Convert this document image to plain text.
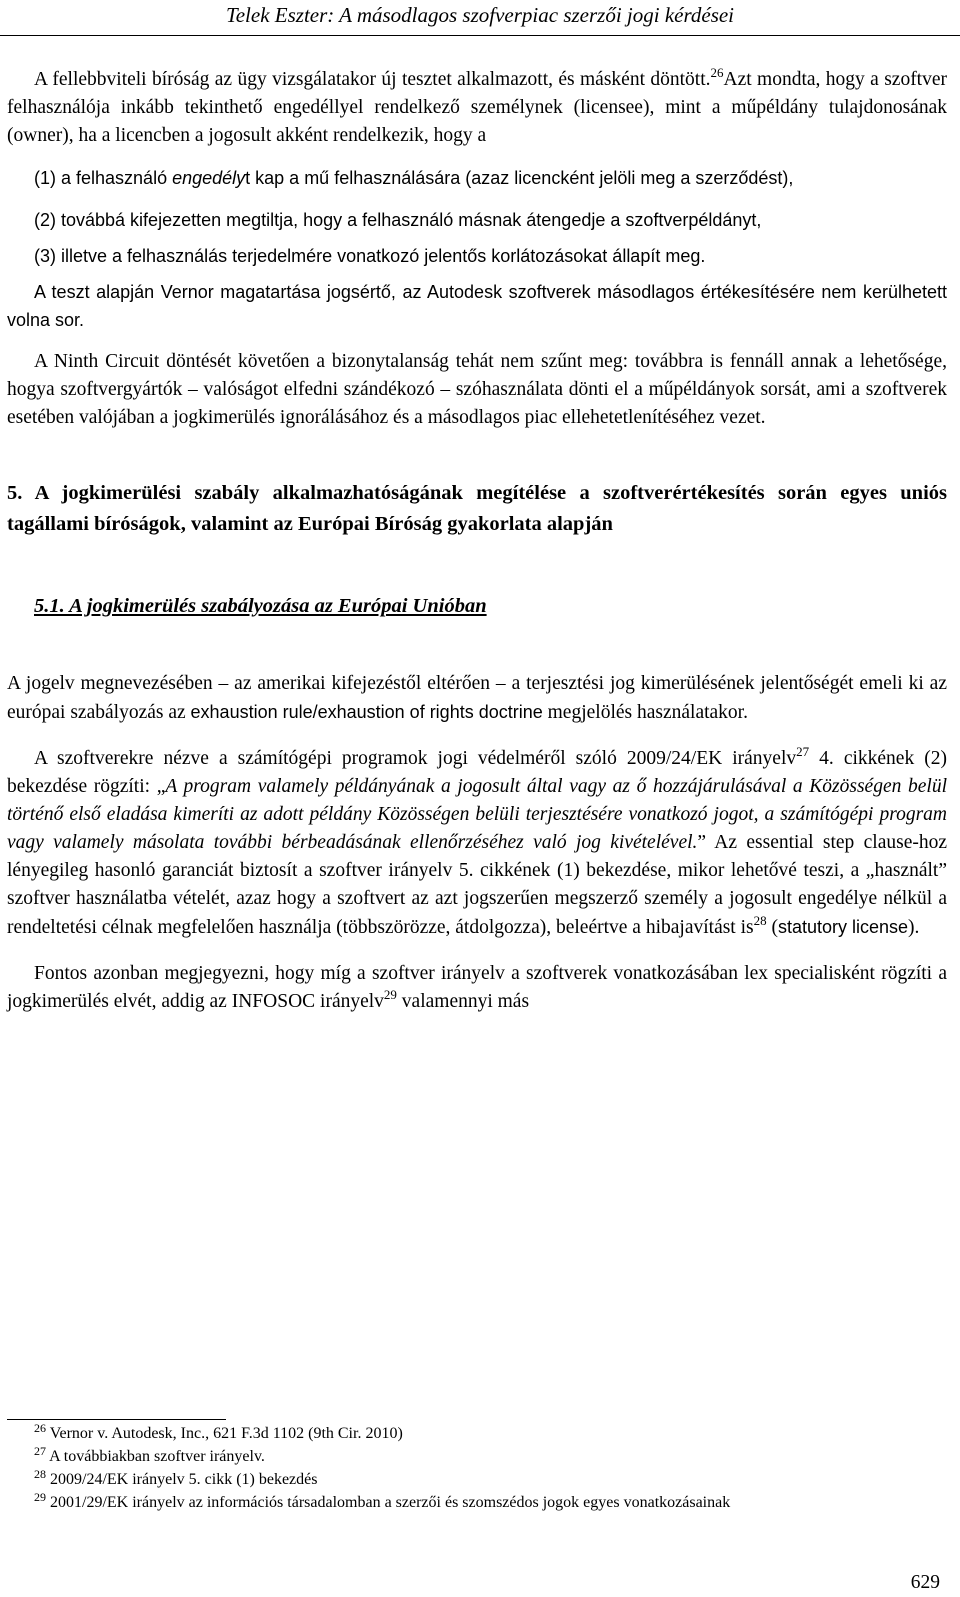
Telek Eszter: A másodlagos szofverpiac szerzői jogi kérdései

A fellebbviteli bíróság az ügy vizsgálatakor új tesztet alkalmazott, és másként döntött.$^{26}$Azt mondta, hogy a szoftver felhasználója inkább tekinthető engedéllyel rendelkező személynek (licensee), mint a műpéldány tulajdonosának (owner), ha a licencben a jogosult akként rendelkezik, hogy a

(1) a felhasználó engedélyt kap a mű felhasználására (azaz licencként jelöli meg a szerződést),

(2) továbbá kifejezetten megtiltja, hogy a felhasználó másnak átengedje a szoftverpéldányt,

(3) illetve a felhasználás terjedelmére vonatkozó jelentős korlátozásokat állapít meg.

A teszt alapján Vernor magatartása jogsértő, az Autodesk szoftverek másodlagos értékesítésére nem kerülhetett volna sor.

A Ninth Circuit döntését követően a bizonytalanság tehát nem szűnt meg: továbbra is fennáll annak a lehetősége, hogya szoftvergyártók – valóságot elfedni szándékozó – szóhasználata dönti el a műpéldányok sorsát, ami a szoftverek esetében valójában a jogkimerülés ignorálásához és a másodlagos piac ellehetetlenítéséhez vezet.

5. A jogkimerülési szabály alkalmazhatóságának megítélése a szoftverértékesítés során egyes uniós tagállami bíróságok, valamint az Európai Bíróság gyakorlata alapján

5.1. A jogkimerülés szabályozása az Európai Unióban

A jogelv megnevezésében – az amerikai kifejezéstől eltérően – a terjesztési jog kimerülésének jelentőségét emeli ki az európai szabályozás az exhaustion rule/exhaustion of rights doctrine megjelölés használatakor.

A szoftverekre nézve a számítógépi programok jogi védelméről szóló 2009/24/EK irányelv$^{27}$ 4. cikkének (2) bekezdése rögzíti: „A program valamely példányának a jogosult által vagy az ő hozzájárulásával a Közösségen belül történő első eladása kimeríti az adott példány Közösségen belüli terjesztésére vonatkozó jogot, a számítógépi program vagy valamely másolata további bérbeadásának ellenőrzéséhez való jog kivételével.” Az essential step clause-hoz lényegileg hasonló garanciát biztosít a szoftver irányelv 5. cikkének (1) bekezdése, mikor lehetővé teszi, a „használt” szoftver használatba vételét, azaz hogy a szoftvert az azt jogszerűen megszerző személy a jogosult engedélye nélkül a rendeltetési célnak megfelelően használja (többszörözze, átdolgozza), beleértve a hibajavítást $is^{28}$ (statutory license).

Fontos azonban megjegyezni, hogy míg a szoftver irányelv a szoftverek vonatkozásában lex specialisként rögzíti a jogkimerülés elvét, addig az INFOSOC irányelv$^{29}$ valamennyi más

$^{26}$ Vernor v. Autodesk, Inc., 621 F.3d 1102 (9th Cir. 2010)
$^{27}$ A továbbiakban szoftver irányelv.
$^{28}$ 2009/24/EK irányelv 5. cikk (1) bekezdés
$^{29}$ 2001/29/EK irányelv az információs társadalomban a szerzői és szomszédos jogok egyes vonatkozásainak
629
